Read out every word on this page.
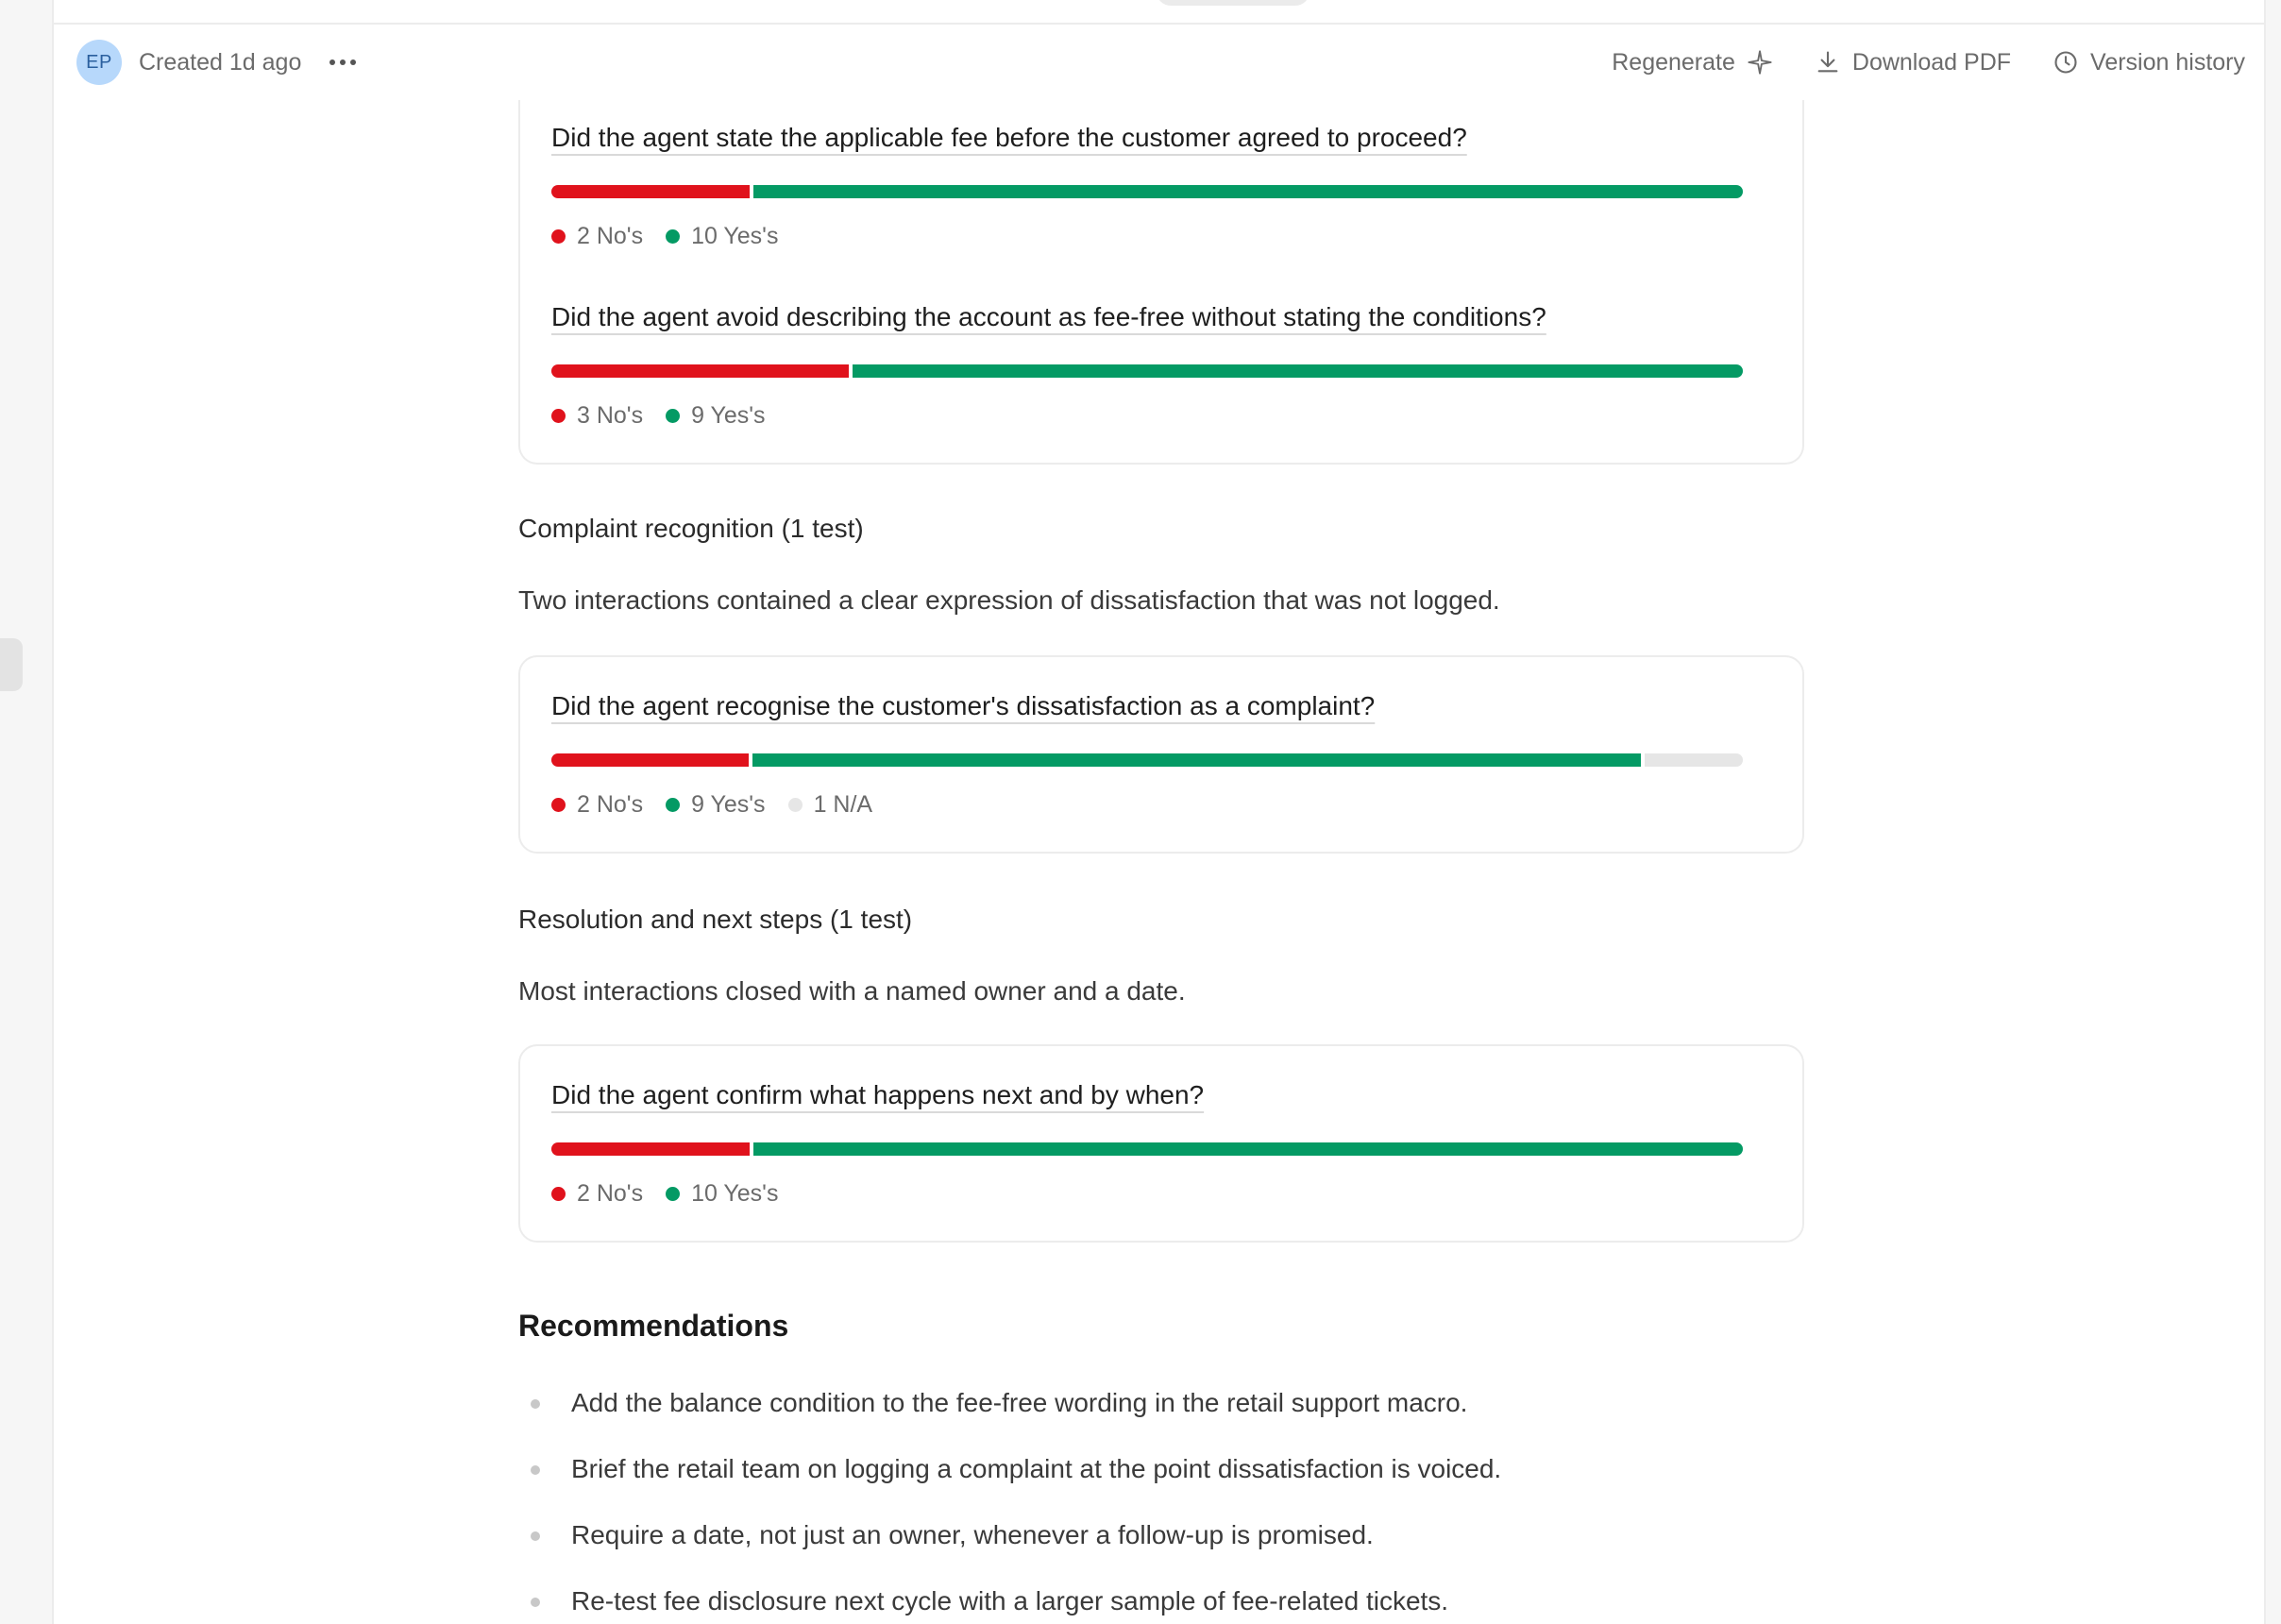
EP	Created 1d ago	Regenerate	Download PDF	Version history
Did the agent state the applicable fee before the customer agreed to proceed?
2 No's 10 Yes's
Did the agent avoid describing the account as fee-free without stating the conditions?
3 No's 9 Yes's
Complaint recognition (1 test)
Two interactions contained a clear expression of dissatisfaction that was not logged.
Did the agent recognise the customer's dissatisfaction as a complaint?
2 No's 9 Yes's 1 N/A
Resolution and next steps (1 test)
Most interactions closed with a named owner and a date.
Did the agent confirm what happens next and by when?
2 No's 10 Yes's
Recommendations
Add the balance condition to the fee-free wording in the retail support macro.
Brief the retail team on logging a complaint at the point dissatisfaction is voiced.
Require a date, not just an owner, whenever a follow-up is promised.
Re-test fee disclosure next cycle with a larger sample of fee-related tickets.
